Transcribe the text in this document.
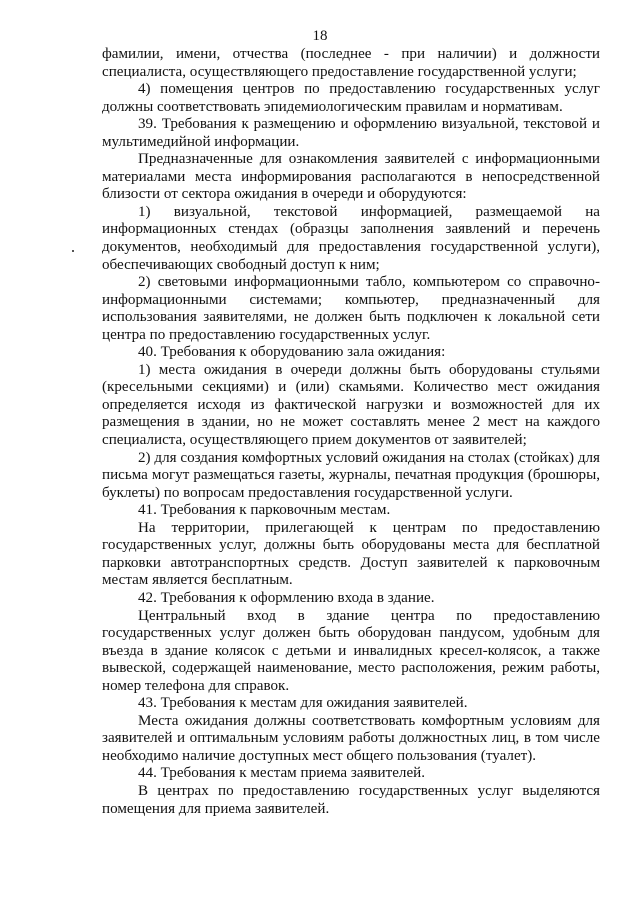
18

фамилии, имени, отчества (последнее - при наличии) и должности специалиста, осуществляющего предоставление государственной услуги;

4) помещения центров по предоставлению государственных услуг должны соответствовать эпидемиологическим правилам и нормативам.

39. Требования к размещению и оформлению визуальной, текстовой и мультимедийной информации.

Предназначенные для ознакомления заявителей с информационными материалами места информирования располагаются в непосредственной близости от сектора ожидания в очереди и оборудуются:

1) визуальной, текстовой информацией, размещаемой на информационных стендах (образцы заполнения заявлений и перечень документов, необходимый для предоставления государственной услуги), обеспечивающих свободный доступ к ним;

2) световыми информационными табло, компьютером со справочно-информационными системами; компьютер, предназначенный для использования заявителями, не должен быть подключен к локальной сети центра по предоставлению государственных услуг.

40. Требования к оборудованию зала ожидания:

1) места ожидания в очереди должны быть оборудованы стульями (кресельными секциями) и (или) скамьями. Количество мест ожидания определяется исходя из фактической нагрузки и возможностей для их размещения в здании, но не может составлять менее 2 мест на каждого специалиста, осуществляющего прием документов от заявителей;

2) для создания комфортных условий ожидания на столах (стойках) для письма могут размещаться газеты, журналы, печатная продукция (брошюры, буклеты) по вопросам предоставления государственной услуги.

41. Требования к парковочным местам.

На территории, прилегающей к центрам по предоставлению государственных услуг, должны быть оборудованы места для бесплатной парковки автотранспортных средств. Доступ заявителей к парковочным местам является бесплатным.

42. Требования к оформлению входа в здание.

Центральный вход в здание центра по предоставлению государственных услуг должен быть оборудован пандусом, удобным для въезда в здание колясок с детьми и инвалидных кресел-колясок, а также вывеской, содержащей наименование, место расположения, режим работы, номер телефона для справок.

43. Требования к местам для ожидания заявителей.

Места ожидания должны соответствовать комфортным условиям для заявителей и оптимальным условиям работы должностных лиц, в том числе необходимо наличие доступных мест общего пользования (туалет).

44. Требования к местам приема заявителей.

В центрах по предоставлению государственных услуг выделяются помещения для приема заявителей.
